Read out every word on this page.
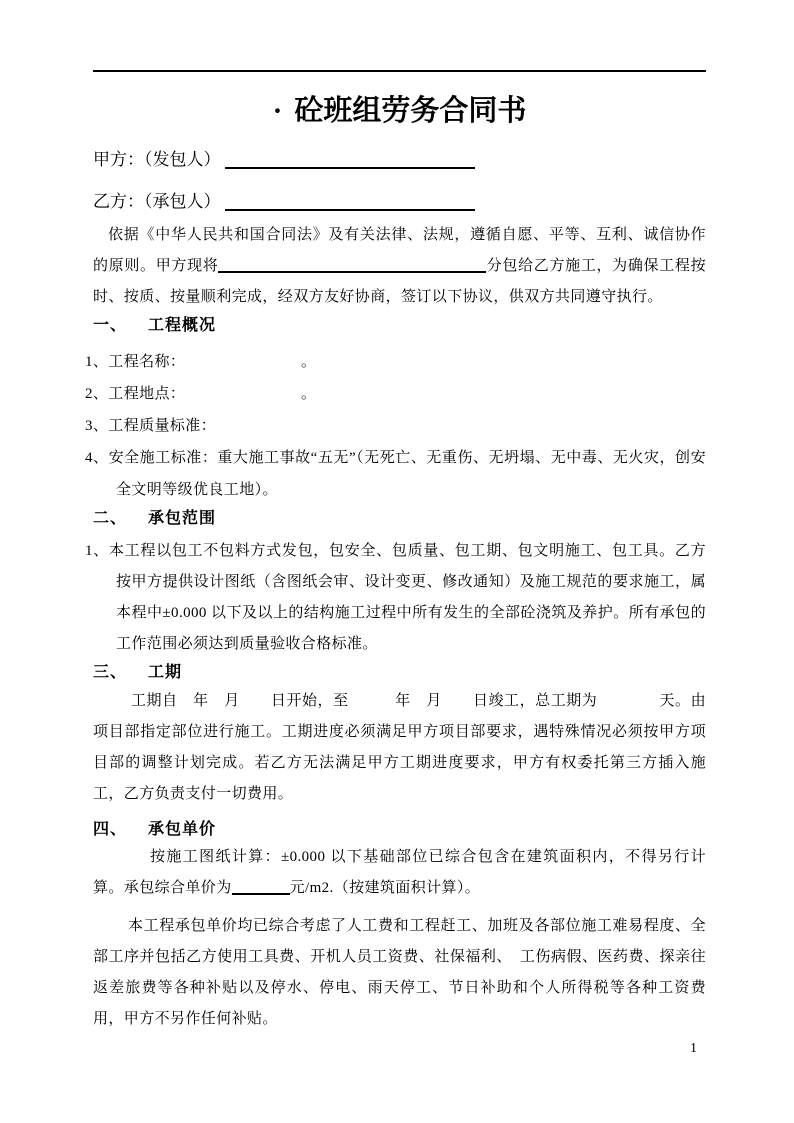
· 砼班组劳务合同书
甲方：（发包人）
乙方：（承包人）

依据《中华人民共和国合同法》及有关法律、法规，遵循自愿、平等、互利、诚信协作的原则。甲方现将	分包给乙方施工，为确保工程按时、按质、按量顺利完成，经双方友好协商，签订以下协议，供双方共同遵守执行。

一、 工程概况

1、工程名称：　　　　　　　　。

2、工程地点：　　　　　　　　。

3、工程质量标准：

4、安全施工标准：重大施工事故“五无”（无死亡、无重伤、无坍塌、无中毒、无火灾，创安全文明等级优良工地）。

二、 承包范围

1、本工程以包工不包料方式发包，包安全、包质量、包工期、包文明施工、包工具。乙方按甲方提供设计图纸（含图纸会审、设计变更、修改通知）及施工规范的要求施工，属本程中±0.000 以下及以上的结构施工过程中所有发生的全部砼浇筑及养护。所有承包的工作范围必须达到质量验收合格标准。

三、 工期

工期自　年　月　　日开始，至　　　年　月　　日竣工，总工期为　　　　天。由项目部指定部位进行施工。工期进度必须满足甲方项目部要求，遇特殊情况必须按甲方项目部的调整计划完成。若乙方无法满足甲方工期进度要求，甲方有权委托第三方插入施工，乙方负责支付一切费用。

四、 承包单价

按施工图纸计算：±0.000 以下基础部位已综合包含在建筑面积内，不得另行计算。承包综合单价为	元/m2.（按建筑面积计算）。

本工程承包单价均已综合考虑了人工费和工程赶工、加班及各部位施工难易程度、全部工序并包括乙方使用工具费、开机人员工资费、社保福利、　工伤病假、医药费、探亲往返差旅费等各种补贴以及停水、停电、雨天停工、节日补助和个人所得税等各种工资费用，甲方不另作任何补贴。

1
